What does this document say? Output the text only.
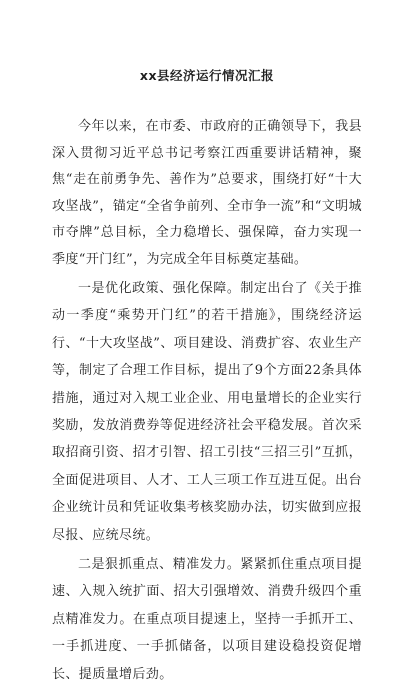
xx县经济运行情况汇报

今年以来，在市委、市政府的正确领导下，我县深入贯彻习近平总书记考察江西重要讲话精神，聚焦“走在前勇争先、善作为”总要求，围绕打好“十大攻坚战”，锚定“全省争前列、全市争一流”和“文明城市夺牌”总目标，全力稳增长、强保障，奋力实现一季度“开门红”，为完成全年目标奠定基础。

一是优化政策、强化保障。制定出台了《关于推动一季度“乘势开门红”的若干措施》，围绕经济运行、“十大攻坚战”、项目建设、消费扩容、农业生产等，制定了合理工作目标，提出了9个方面22条具体措施，通过对入规工业企业、用电量增长的企业实行奖励，发放消费券等促进经济社会平稳发展。首次采取招商引资、招才引智、招工引技“三招三引”互抓，全面促进项目、人才、工人三项工作互进互促。出台企业统计员和凭证收集考核奖励办法，切实做到应报尽报、应统尽统。

二是狠抓重点、精准发力。紧紧抓住重点项目提速、入规入统扩面、招大引强增效、消费升级四个重点精准发力。在重点项目提速上，坚持一手抓开工、一手抓进度、一手抓储备，以项目建设稳投资促增长、提质量增后劲。
